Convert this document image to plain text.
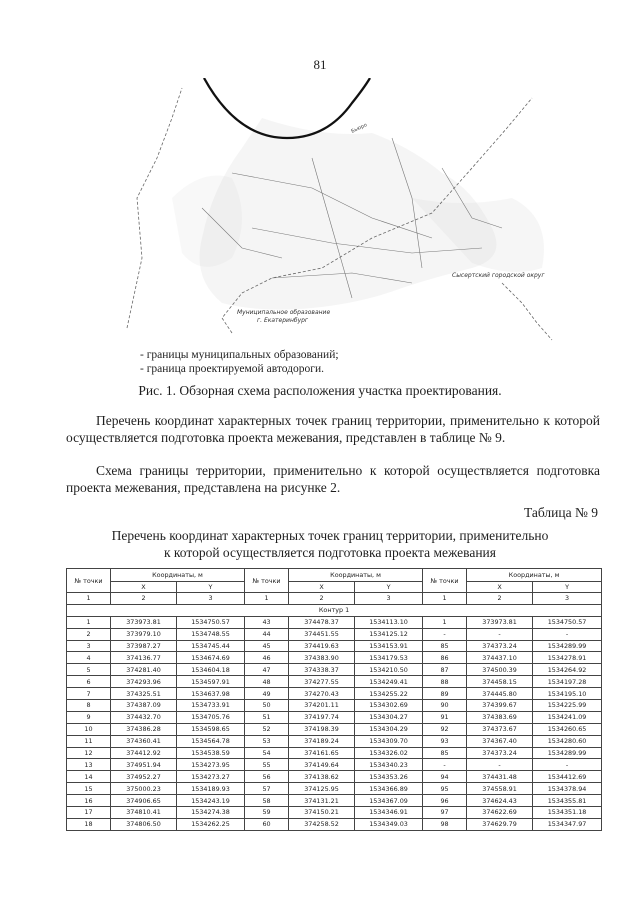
81
Бьюро
Сысертский городской округ
Муниципальное образование
г. Екатеринбург
- границы муниципальных образований;
- граница проектируемой автодороги.
Рис. 1. Обзорная схема расположения участка проектирования.
Перечень координат характерных точек границ территории, применительно к которой осуществляется подготовка проекта межевания, представлен в таблице № 9.
Схема границы территории, применительно к которой осуществляется подготовка проекта межевания, представлена на рисунке 2.
Таблица № 9
Перечень координат характерных точек границ территории, применительно
к которой осуществляется подготовка проекта межевания
№ точки	Координаты, м		№ точки	Координаты, м		№ точки	Координаты, м	
	X	Y		X	Y		X	Y
1	2	3	1	2	3	1	2	3
Контур 1								
1	373973.81	1534750.57	43	374478.37	1534113.10	1	373973.81	1534750.57
2	373979.10	1534748.55	44	374451.55	1534125.12	-	-	-
3	373987.27	1534745.44	45	374419.63	1534153.91	85	374373.24	1534289.99
4	374136.77	1534674.69	46	374383.90	1534179.53	86	374437.10	1534278.91
5	374281.40	1534604.18	47	374338.37	1534210.50	87	374500.39	1534264.92
6	374293.96	1534597.91	48	374277.55	1534249.41	88	374458.15	1534197.28
7	374325.51	1534637.98	49	374270.43	1534255.22	89	374445.80	1534195.10
8	374387.09	1534733.91	50	374201.11	1534302.69	90	374399.67	1534225.99
9	374432.70	1534705.76	51	374197.74	1534304.27	91	374383.69	1534241.09
10	374386.28	1534598.65	52	374198.39	1534304.29	92	374373.67	1534260.65
11	374360.41	1534564.78	53	374189.24	1534309.70	93	374367.40	1534280.60
12	374412.92	1534538.59	54	374161.65	1534326.02	85	374373.24	1534289.99
13	374951.94	1534273.95	55	374149.64	1534340.23	-	-	-
14	374952.27	1534273.27	56	374138.62	1534353.26	94	374431.48	1534412.69
15	375000.23	1534189.93	57	374125.95	1534366.89	95	374558.91	1534378.94
16	374906.65	1534243.19	58	374131.21	1534367.09	96	374624.43	1534355.81
17	374810.41	1534274.38	59	374150.21	1534346.91	97	374622.69	1534351.18
18	374806.50	1534262.25	60	374258.52	1534349.03	98	374629.79	1534347.97
